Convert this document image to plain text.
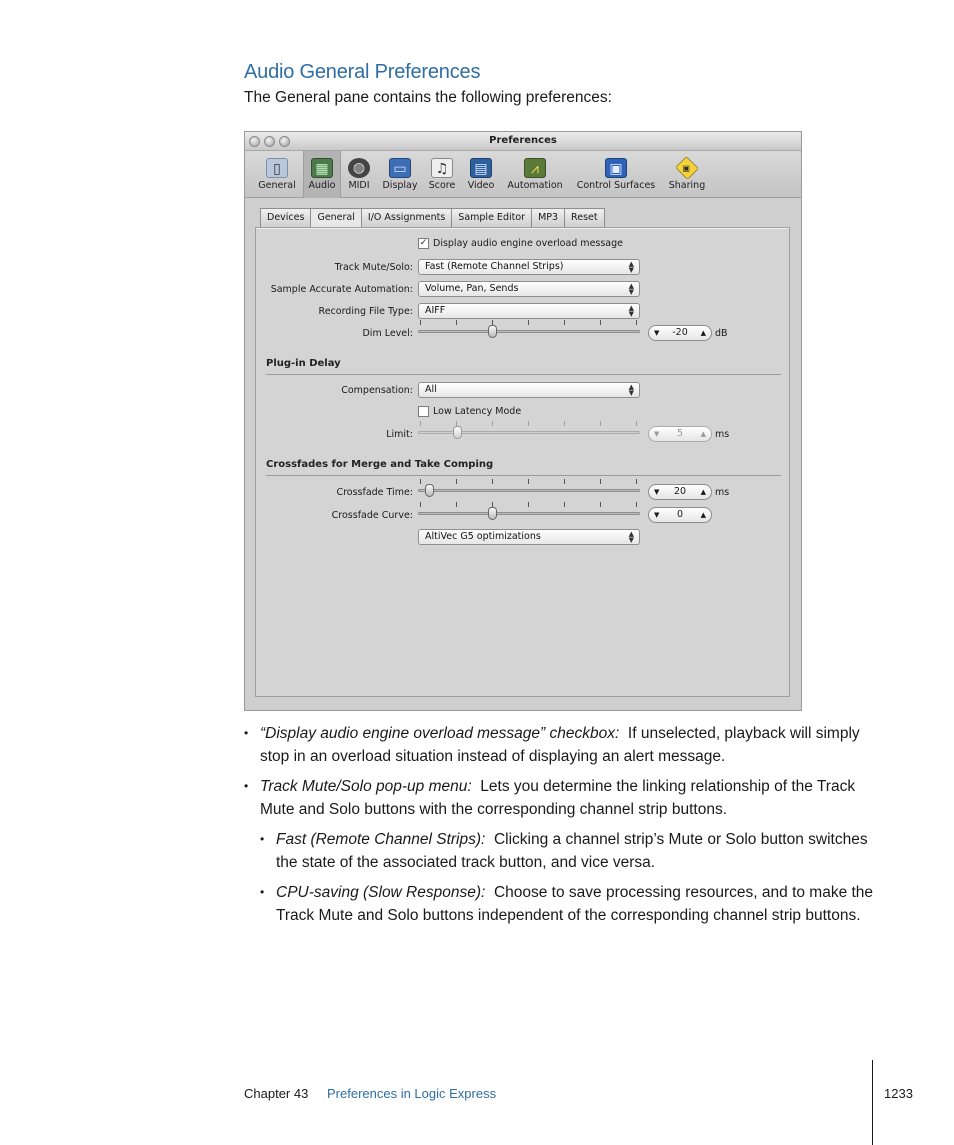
Audio General Preferences
The General pane contains the following preferences:
Preferences
▯
General
▦
Audio
◍
MIDI
▭
Display
♫
Score
▤
Video
⩘
Automation
▣
Control Surfaces
◈
Sharing
Devices	General	I/O Assignments	Sample Editor	MP3	Reset
✓ Display audio engine overload message
Track Mute/Solo:	Fast (Remote Channel Strips)	▲
▼
Sample Accurate Automation:	Volume, Pan, Sends	▲
▼
Recording File Type:	AIFF	▲
▼
Dim Level:	▼	-20	▲ dB
Plug-in Delay
Compensation:	All	▲
▼
Low Latency Mode
Limit:	▼	5	▲ ms
Crossfades for Merge and Take Comping
Crossfade Time:	▼	20	▲ ms
Crossfade Curve:	▼	0	▲
AltiVec G5 optimizations	▲
▼
• “Display audio engine overload message” checkbox: If unselected, playback will simply stop in an overload situation instead of displaying an alert message.
• Track Mute/Solo pop-up menu: Lets you determine the linking relationship of the Track Mute and Solo buttons with the corresponding channel strip buttons.
• Fast (Remote Channel Strips): Clicking a channel strip’s Mute or Solo button switches the state of the associated track button, and vice versa.
• CPU-saving (Slow Response): Choose to save processing resources, and to make the Track Mute and Solo buttons independent of the corresponding channel strip buttons.
Chapter 43 Preferences in Logic Express	1233
